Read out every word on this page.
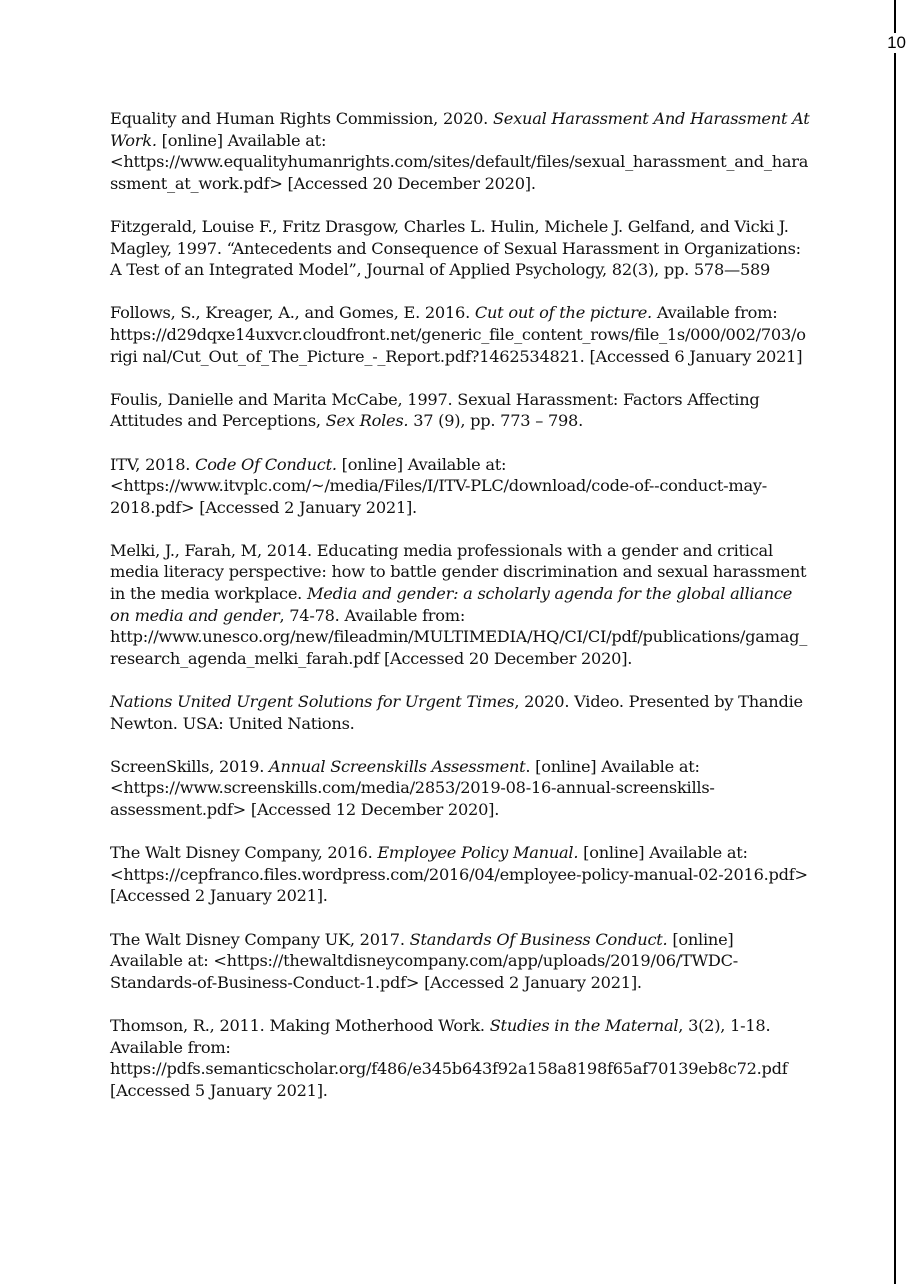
10

Equality and Human Rights Commission, 2020. Sexual Harassment And Harassment At Work. [online] Available at: <https://www.equalityhumanrights.com/sites/default/files/sexual_harassment_and_harassment_at_work.pdf> [Accessed 20 December 2020].

Fitzgerald, Louise F., Fritz Drasgow, Charles L. Hulin, Michele J. Gelfand, and Vicki J. Magley, 1997. “Antecedents and Consequence of Sexual Harassment in Organizations: A Test of an Integrated Model”, Journal of Applied Psychology, 82(3), pp. 578—589

Follows, S., Kreager, A., and Gomes, E. 2016. Cut out of the picture. Available from: https://d29dqxe14uxvcr.cloudfront.net/generic_file_content_rows/file_1s/000/002/703/origi nal/Cut_Out_of_The_Picture_-_Report.pdf?1462534821. [Accessed 6 January 2021]

Foulis, Danielle and Marita McCabe, 1997. Sexual Harassment: Factors Affecting Attitudes and Perceptions, Sex Roles. 37 (9), pp. 773 – 798.

ITV, 2018. Code Of Conduct. [online] Available at: <https://www.itvplc.com/~/media/Files/I/ITV-PLC/download/code-of--conduct-may-2018.pdf> [Accessed 2 January 2021].

Melki, J., Farah, M, 2014. Educating media professionals with a gender and critical media literacy perspective: how to battle gender discrimination and sexual harassment in the media workplace. Media and gender: a scholarly agenda for the global alliance on media and gender, 74-78. Available from: http://www.unesco.org/new/fileadmin/MULTIMEDIA/HQ/CI/CI/pdf/publications/gamag_research_agenda_melki_farah.pdf [Accessed 20 December 2020].

Nations United Urgent Solutions for Urgent Times, 2020. Video. Presented by Thandie Newton. USA: United Nations.

ScreenSkills, 2019. Annual Screenskills Assessment. [online] Available at: <https://www.screenskills.com/media/2853/2019-08-16-annual-screenskills-assessment.pdf> [Accessed 12 December 2020].

The Walt Disney Company, 2016. Employee Policy Manual. [online] Available at: <https://cepfranco.files.wordpress.com/2016/04/employee-policy-manual-02-2016.pdf> [Accessed 2 January 2021].

The Walt Disney Company UK, 2017. Standards Of Business Conduct. [online] Available at: <https://thewaltdisneycompany.com/app/uploads/2019/06/TWDC-Standards-of-Business-Conduct-1.pdf> [Accessed 2 January 2021].

Thomson, R., 2011. Making Motherhood Work. Studies in the Maternal, 3(2), 1-18. Available from: https://pdfs.semanticscholar.org/f486/e345b643f92a158a8198f65af70139eb8c72.pdf [Accessed 5 January 2021].
